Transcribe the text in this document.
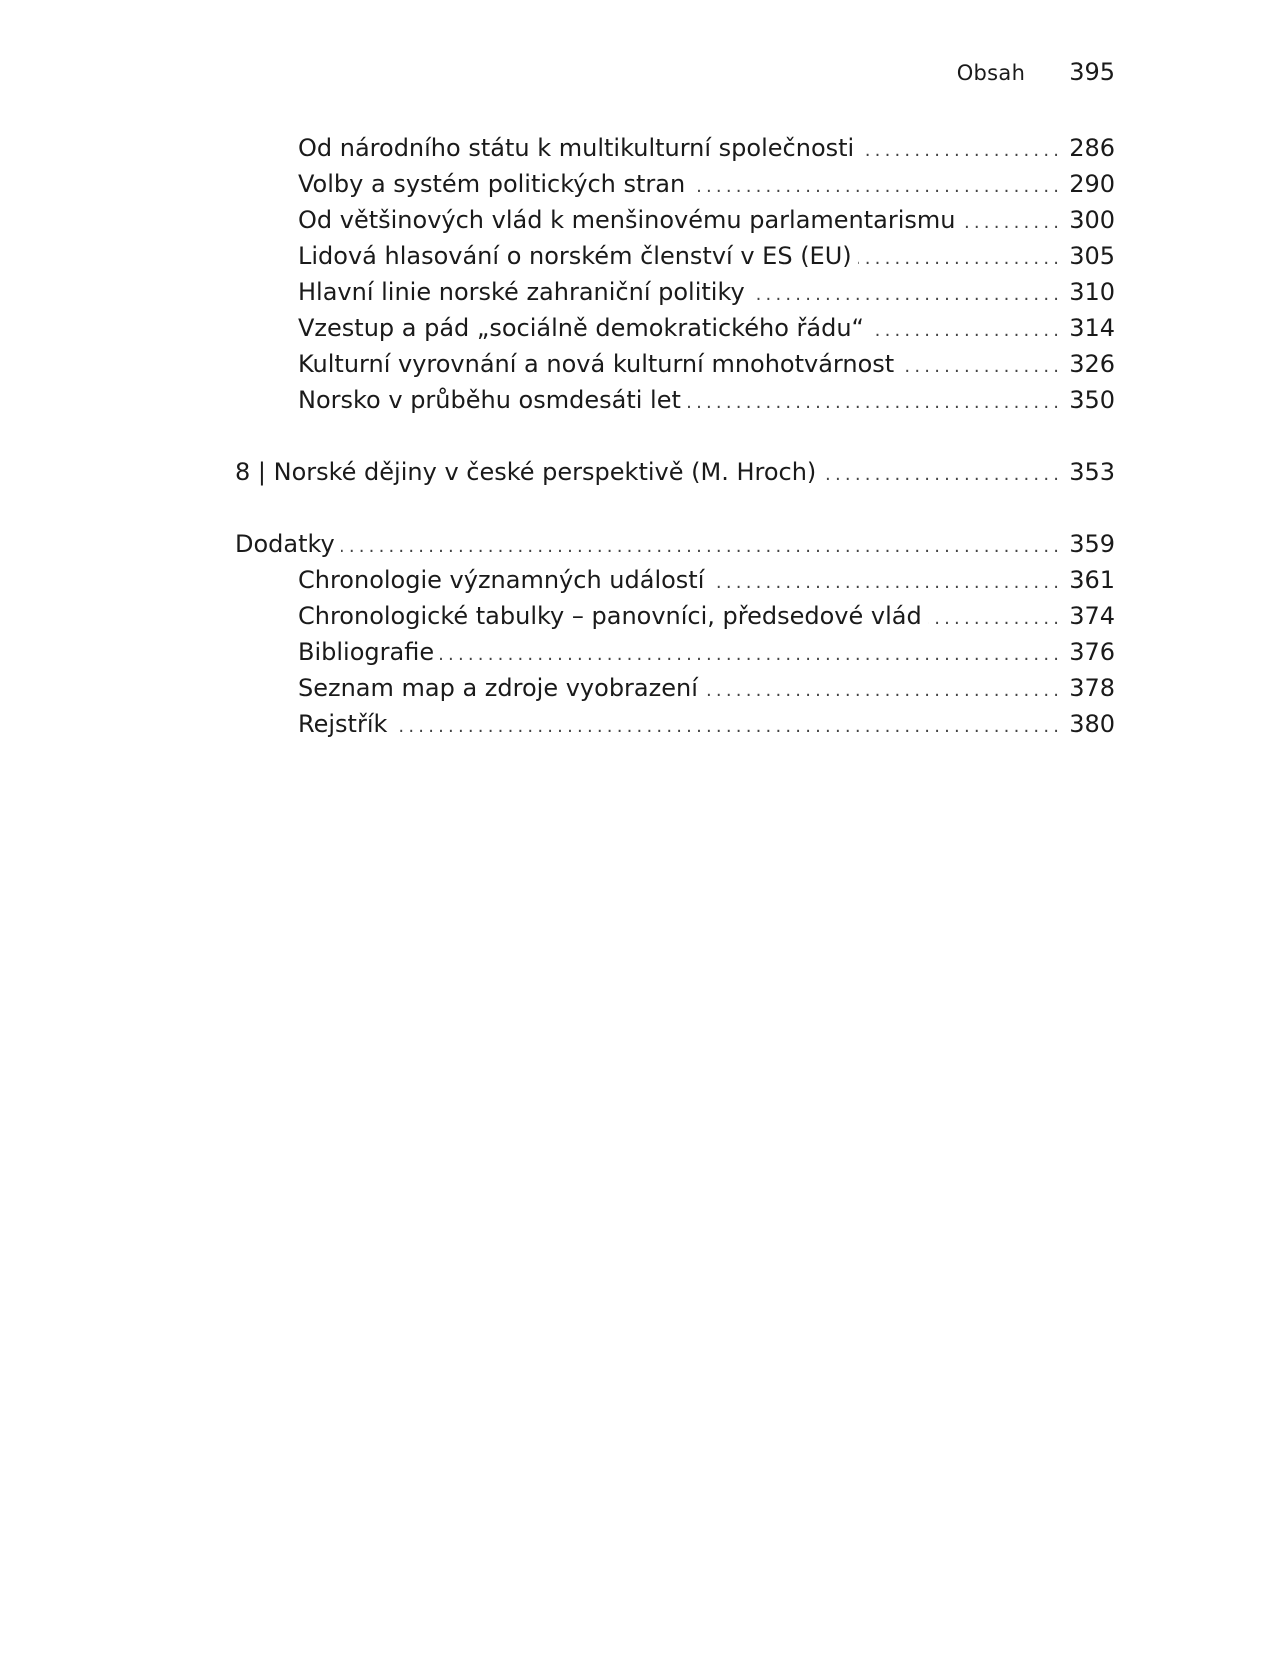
Obsah 395
Od národního státu k multikulturní společnosti .....	286
Volby a systém politických stran .....	290
Od většinových vlád k menšinovému parlamentarismu .....	300
Lidová hlasování o norském členství v ES (EU) .....	305
Hlavní linie norské zahraniční politiky .....	310
Vzestup a pád „sociálně demokratického řádu“ .....	314
Kulturní vyrovnání a nová kulturní mnohotvárnost .....	326
Norsko v průběhu osmdesáti let .....	350
8 | Norské dějiny v české perspektivě (M. Hroch) .....	353
Dodatky .....	359
Chronologie významných událostí .....	361
Chronologické tabulky – panovníci, předsedové vlád .....	374
Bibliografie .....	376
Seznam map a zdroje vyobrazení .....	378
Rejstřík .....	380
